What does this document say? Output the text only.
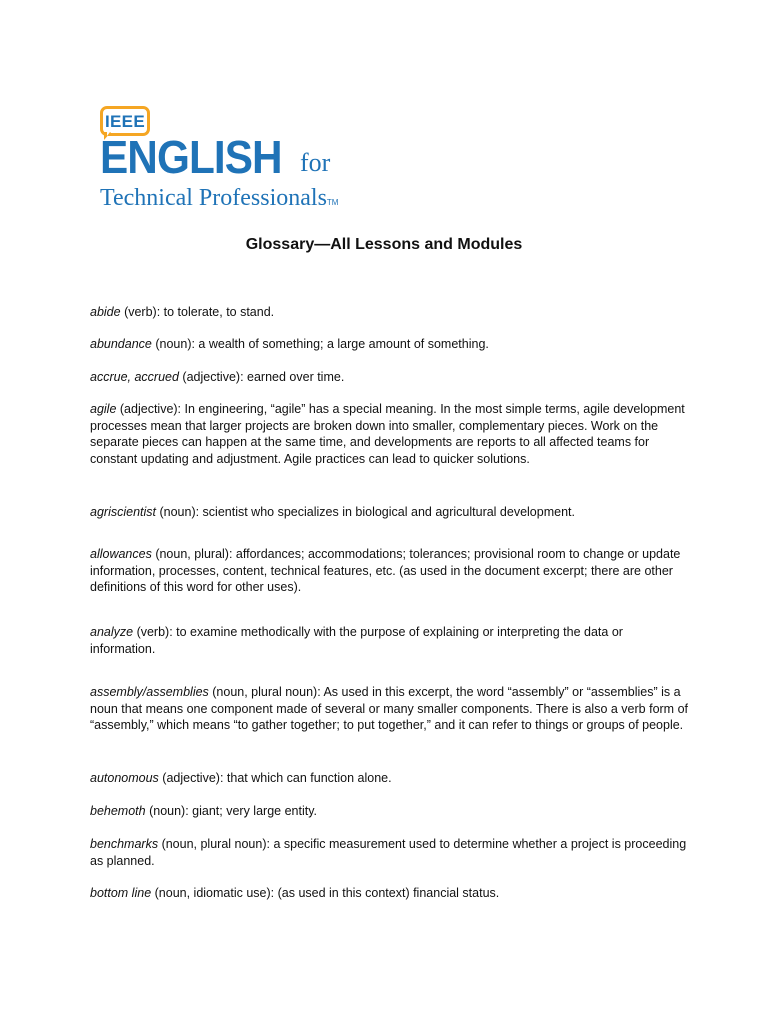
IEEE
ENGLISH for
Technical ProfessionalsTM
Glossary—All Lessons and Modules
abide (verb): to tolerate, to stand.
abundance (noun): a wealth of something; a large amount of something.
accrue, accrued (adjective): earned over time.
agile (adjective): In engineering, “agile” has a special meaning. In the most simple terms, agile development processes mean that larger projects are broken down into smaller, complementary pieces. Work on the separate pieces can happen at the same time, and developments are reports to all affected teams for constant updating and adjustment. Agile practices can lead to quicker solutions.
agriscientist (noun): scientist who specializes in biological and agricultural development.
allowances (noun, plural): affordances; accommodations; tolerances; provisional room to change or update information, processes, content, technical features, etc. (as used in the document excerpt; there are other definitions of this word for other uses).
analyze (verb): to examine methodically with the purpose of explaining or interpreting the data or information.
assembly/assemblies (noun, plural noun): As used in this excerpt, the word “assembly” or “assemblies” is a noun that means one component made of several or many smaller components. There is also a verb form of “assembly,” which means “to gather together; to put together,” and it can refer to things or groups of people.
autonomous (adjective): that which can function alone.
behemoth (noun): giant; very large entity.
benchmarks (noun, plural noun): a specific measurement used to determine whether a project is proceeding as planned.
bottom line (noun, idiomatic use): (as used in this context) financial status.
